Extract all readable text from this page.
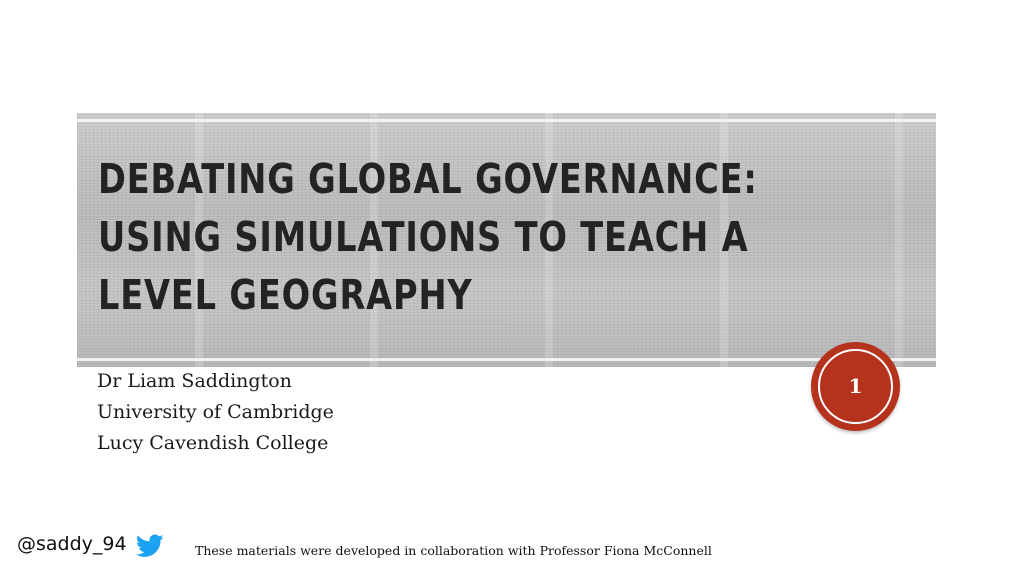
DEBATING GLOBAL GOVERNANCE:
USING SIMULATIONS TO TEACH A
LEVEL GEOGRAPHY
Dr Liam Saddington
University of Cambridge
Lucy Cavendish College
1
@saddy_94	These materials were developed in collaboration with Professor Fiona McConnell
